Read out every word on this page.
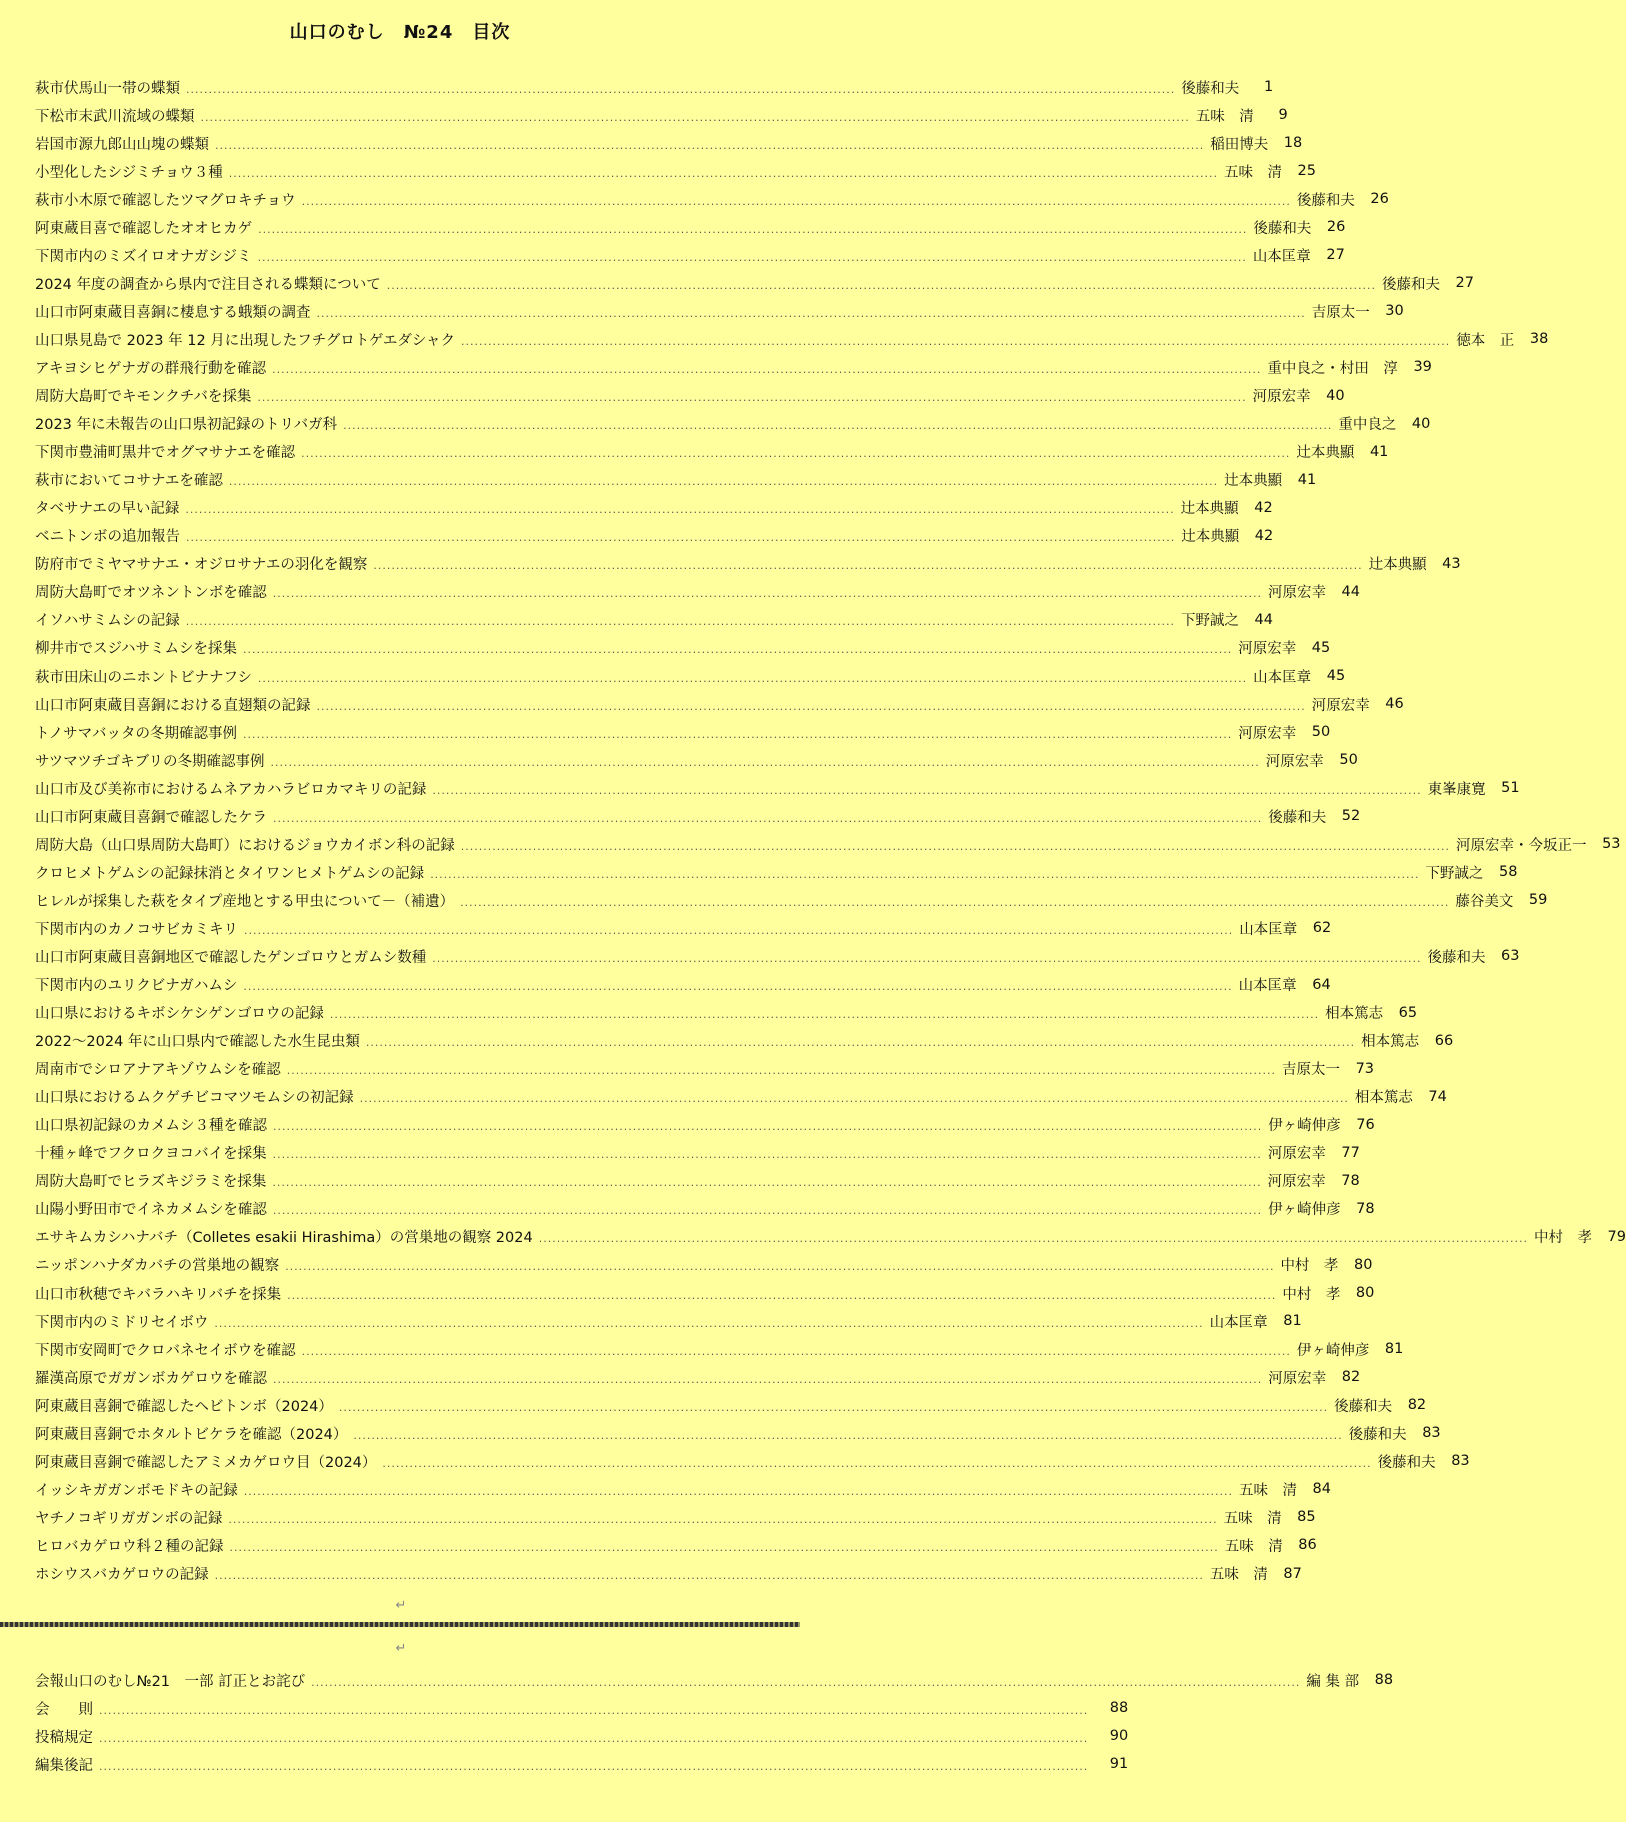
山口のむし　№24　目次
萩市伏馬山一帯の蝶類 ............................................................................................................................................................................................................................ 後藤和夫	1
下松市末武川流域の蝶類 ............................................................................................................................................................................................................................ 五味　清	9
岩国市源九郎山山塊の蝶類 ............................................................................................................................................................................................................................ 稲田博夫	18
小型化したシジミチョウ３種 ............................................................................................................................................................................................................................ 五味　清	25
萩市小木原で確認したツマグロキチョウ ............................................................................................................................................................................................................................ 後藤和夫	26
阿東蔵目喜で確認したオオヒカゲ ............................................................................................................................................................................................................................ 後藤和夫	26
下関市内のミズイロオナガシジミ ............................................................................................................................................................................................................................ 山本匡章	27
2024 年度の調査から県内で注目される蝶類について ............................................................................................................................................................................................................................ 後藤和夫	27
山口市阿東蔵目喜銅に棲息する蛾類の調査 ............................................................................................................................................................................................................................ 吉原太一	30
山口県見島で 2023 年 12 月に出現したフチグロトゲエダシャク ............................................................................................................................................................................................................................ 徳本　正	38
アキヨシヒゲナガの群飛行動を確認 ............................................................................................................................................................................................................................ 重中良之・村田　淳	39
周防大島町でキモンクチバを採集 ............................................................................................................................................................................................................................ 河原宏幸	40
2023 年に未報告の山口県初記録のトリバガ科 ............................................................................................................................................................................................................................ 重中良之	40
下関市豊浦町黒井でオグマサナエを確認 ............................................................................................................................................................................................................................ 辻本典顯	41
萩市においてコサナエを確認 ............................................................................................................................................................................................................................ 辻本典顯	41
タベサナエの早い記録 ............................................................................................................................................................................................................................ 辻本典顯	42
ベニトンボの追加報告 ............................................................................................................................................................................................................................ 辻本典顯	42
防府市でミヤマサナエ・オジロサナエの羽化を観察 ............................................................................................................................................................................................................................ 辻本典顯	43
周防大島町でオツネントンボを確認 ............................................................................................................................................................................................................................ 河原宏幸	44
イソハサミムシの記録 ............................................................................................................................................................................................................................ 下野誠之	44
柳井市でスジハサミムシを採集 ............................................................................................................................................................................................................................ 河原宏幸	45
萩市田床山のニホントビナナフシ ............................................................................................................................................................................................................................ 山本匡章	45
山口市阿東蔵目喜銅における直翅類の記録 ............................................................................................................................................................................................................................ 河原宏幸	46
トノサマバッタの冬期確認事例 ............................................................................................................................................................................................................................ 河原宏幸	50
サツマツチゴキブリの冬期確認事例 ............................................................................................................................................................................................................................ 河原宏幸	50
山口市及び美祢市におけるムネアカハラビロカマキリの記録 ............................................................................................................................................................................................................................ 東峯康寛	51
山口市阿東蔵目喜銅で確認したケラ ............................................................................................................................................................................................................................ 後藤和夫	52
周防大島（山口県周防大島町）におけるジョウカイボン科の記録 ............................................................................................................................................................................................................................ 河原宏幸・今坂正一	53
クロヒメトゲムシの記録抹消とタイワンヒメトゲムシの記録 ............................................................................................................................................................................................................................ 下野誠之	58
ヒレルが採集した萩をタイプ産地とする甲虫について－（補遺） ............................................................................................................................................................................................................................ 藤谷美文	59
下関市内のカノコサビカミキリ ............................................................................................................................................................................................................................ 山本匡章	62
山口市阿東蔵目喜銅地区で確認したゲンゴロウとガムシ数種 ............................................................................................................................................................................................................................ 後藤和夫	63
下関市内のユリクビナガハムシ ............................................................................................................................................................................................................................ 山本匡章	64
山口県におけるキボシケシゲンゴロウの記録 ............................................................................................................................................................................................................................ 相本篤志	65
2022～2024 年に山口県内で確認した水生昆虫類 ............................................................................................................................................................................................................................ 相本篤志	66
周南市でシロアナアキゾウムシを確認 ............................................................................................................................................................................................................................ 吉原太一	73
山口県におけるムクゲチビコマツモムシの初記録 ............................................................................................................................................................................................................................ 相本篤志	74
山口県初記録のカメムシ３種を確認 ............................................................................................................................................................................................................................ 伊ヶ崎伸彦	76
十種ヶ峰でフクロクヨコバイを採集 ............................................................................................................................................................................................................................ 河原宏幸	77
周防大島町でヒラズキジラミを採集 ............................................................................................................................................................................................................................ 河原宏幸	78
山陽小野田市でイネカメムシを確認 ............................................................................................................................................................................................................................ 伊ヶ崎伸彦	78
エサキムカシハナバチ（Colletes esakii Hirashima）の営巣地の観察 2024 ............................................................................................................................................................................................................................ 中村　孝	79
ニッポンハナダカバチの営巣地の観察 ............................................................................................................................................................................................................................ 中村　孝	80
山口市秋穂でキバラハキリバチを採集 ............................................................................................................................................................................................................................ 中村　孝	80
下関市内のミドリセイボウ ............................................................................................................................................................................................................................ 山本匡章	81
下関市安岡町でクロバネセイボウを確認 ............................................................................................................................................................................................................................ 伊ヶ崎伸彦	81
羅漢高原でガガンボカゲロウを確認 ............................................................................................................................................................................................................................ 河原宏幸	82
阿東蔵目喜銅で確認したヘビトンボ（2024） ............................................................................................................................................................................................................................ 後藤和夫	82
阿東蔵目喜銅でホタルトビケラを確認（2024） ............................................................................................................................................................................................................................ 後藤和夫	83
阿東蔵目喜銅で確認したアミメカゲロウ目（2024） ............................................................................................................................................................................................................................ 後藤和夫	83
イッシキガガンボモドキの記録 ............................................................................................................................................................................................................................ 五味　清	84
ヤチノコギリガガンボの記録 ............................................................................................................................................................................................................................ 五味　清	85
ヒロバカゲロウ科２種の記録 ............................................................................................................................................................................................................................ 五味　清	86
ホシウスバカゲロウの記録 ............................................................................................................................................................................................................................ 五味　清	87
↵
↵
会報山口のむし№21　一部 訂正とお詫び ............................................................................................................................................................................................................................ 編 集 部	88
会　　則 ............................................................................................................................................................................................................................	88
投稿規定 ............................................................................................................................................................................................................................	90
編集後記 ............................................................................................................................................................................................................................	91
